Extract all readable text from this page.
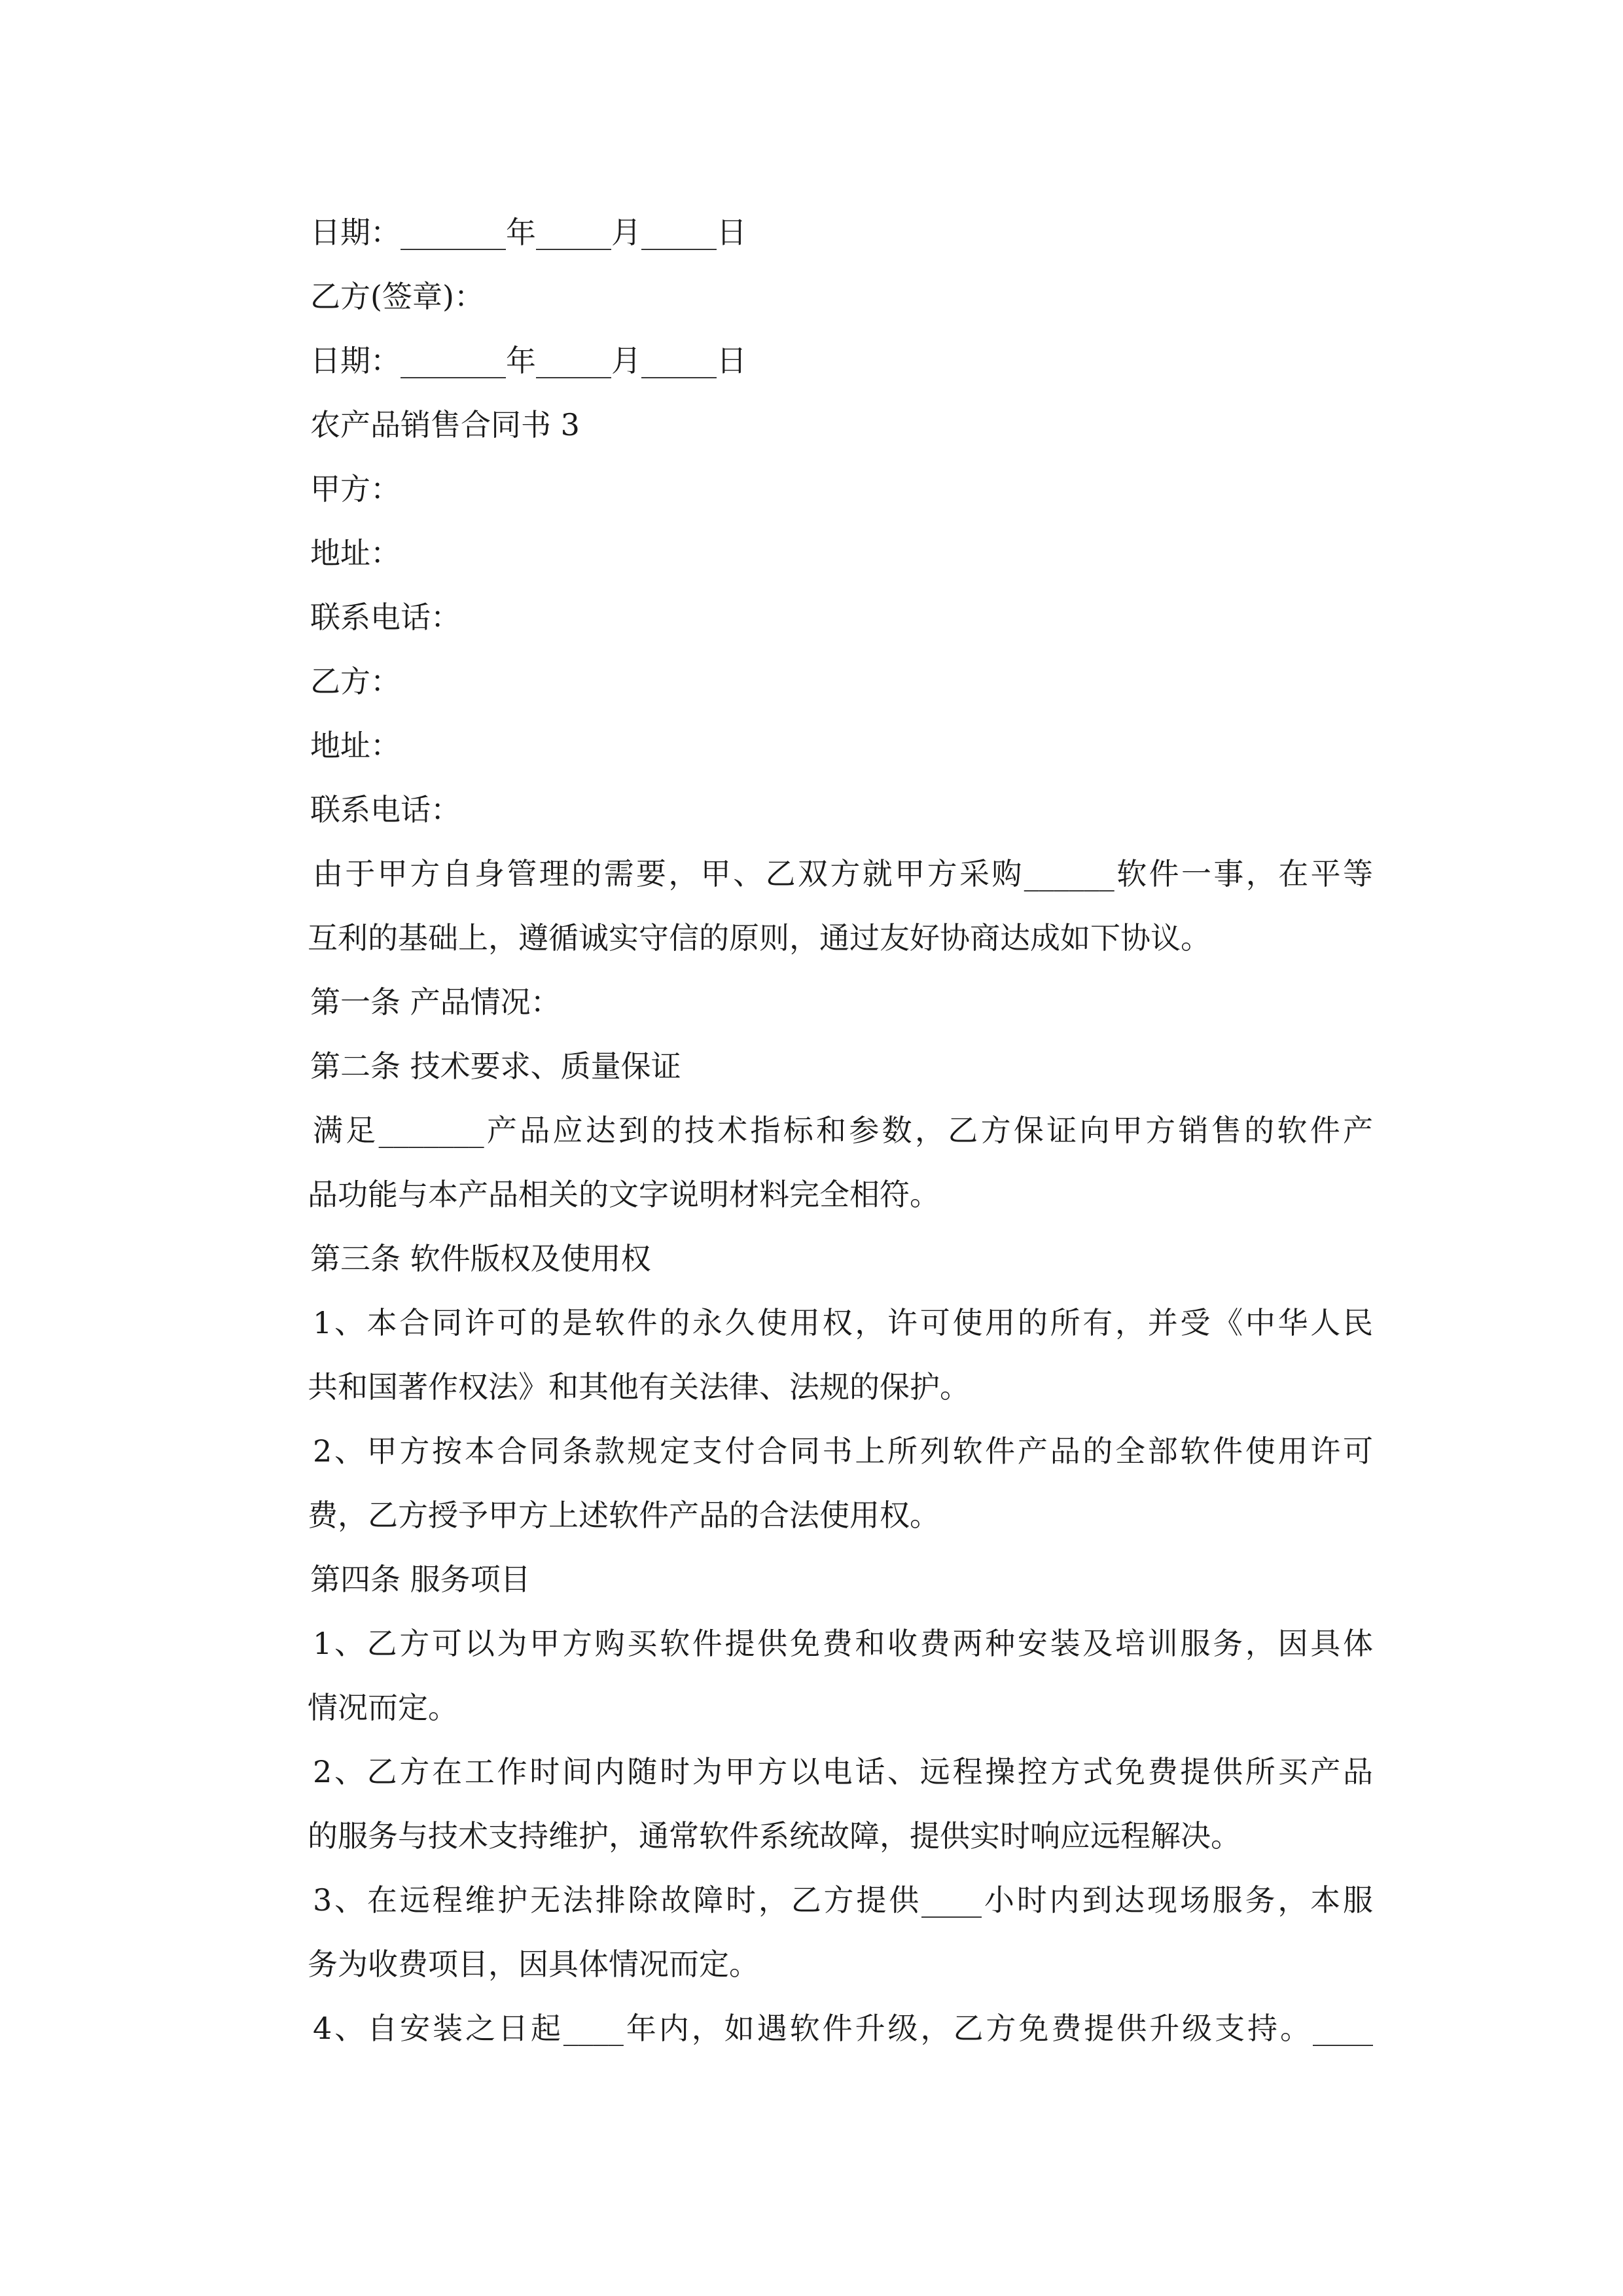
日期：_______年_____月_____日
乙方(签章)：
日期：_______年_____月_____日
农产品销售合同书 3
甲方：
地址：
联系电话：
乙方：
地址：
联系电话：
由于甲方自身管理的需要，甲、乙双方就甲方采购______软件一事，在平等
互利的基础上，遵循诚实守信的原则，通过友好协商达成如下协议。
第一条 产品情况：
第二条 技术要求、质量保证
满足_______产品应达到的技术指标和参数，乙方保证向甲方销售的软件产
品功能与本产品相关的文字说明材料完全相符。
第三条 软件版权及使用权
1、本合同许可的是软件的永久使用权，许可使用的所有，并受《中华人民
共和国著作权法》和其他有关法律、法规的保护。
2、甲方按本合同条款规定支付合同书上所列软件产品的全部软件使用许可
费，乙方授予甲方上述软件产品的合法使用权。
第四条 服务项目
1、乙方可以为甲方购买软件提供免费和收费两种安装及培训服务，因具体
情况而定。
2、乙方在工作时间内随时为甲方以电话、远程操控方式免费提供所买产品
的服务与技术支持维护，通常软件系统故障，提供实时响应远程解决。
3、在远程维护无法排除故障时，乙方提供____小时内到达现场服务，本服
务为收费项目，因具体情况而定。
4、自安装之日起____年内，如遇软件升级，乙方免费提供升级支持。____
